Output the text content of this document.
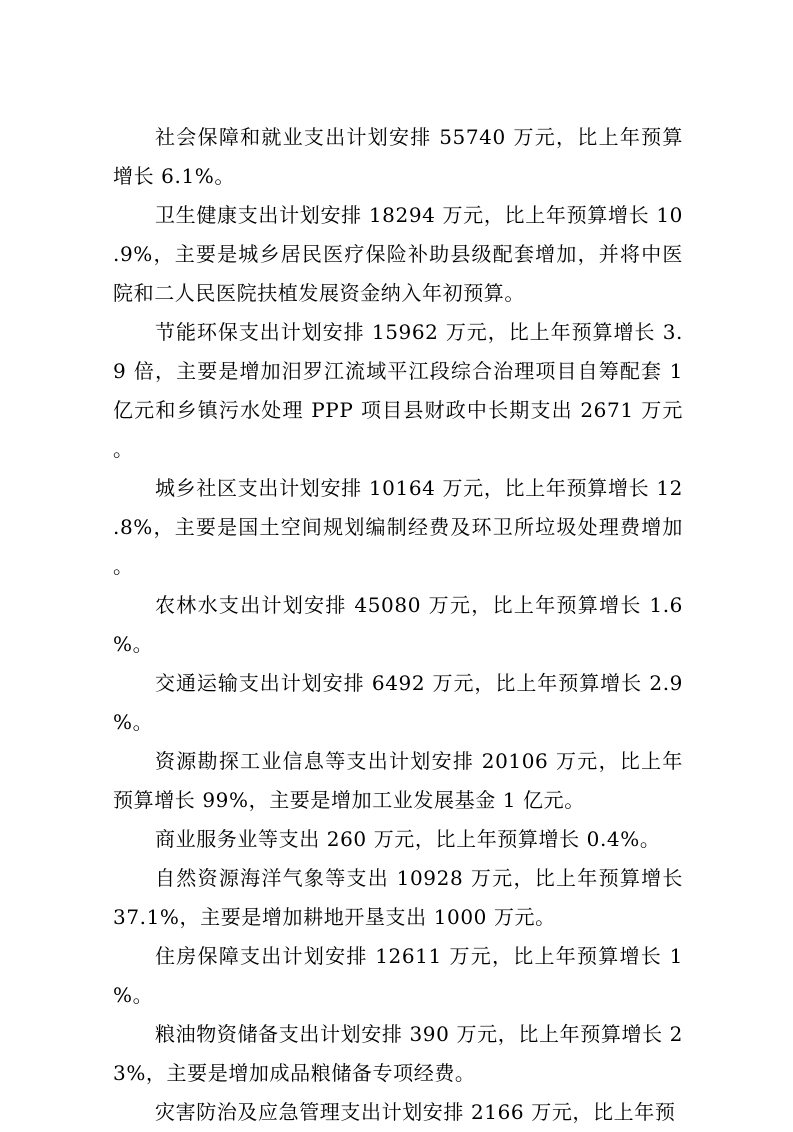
社会保障和就业支出计划安排 55740 万元，比上年预算增长 6.1%。

卫生健康支出计划安排 18294 万元，比上年预算增长 10.9%，主要是城乡居民医疗保险补助县级配套增加，并将中医院和二人民医院扶植发展资金纳入年初预算。

节能环保支出计划安排 15962 万元，比上年预算增长 3.9 倍，主要是增加汨罗江流域平江段综合治理项目自筹配套 1 亿元和乡镇污水处理 PPP 项目县财政中长期支出 2671 万元。

城乡社区支出计划安排 10164 万元，比上年预算增长 12.8%，主要是国土空间规划编制经费及环卫所垃圾处理费增加。

农林水支出计划安排 45080 万元，比上年预算增长 1.6%。

交通运输支出计划安排 6492 万元，比上年预算增长 2.9%。

资源勘探工业信息等支出计划安排 20106 万元，比上年预算增长 99%，主要是增加工业发展基金 1 亿元。

商业服务业等支出 260 万元，比上年预算增长 0.4%。

自然资源海洋气象等支出 10928 万元，比上年预算增长 37.1%，主要是增加耕地开垦支出 1000 万元。

住房保障支出计划安排 12611 万元，比上年预算增长 1%。

粮油物资储备支出计划安排 390 万元，比上年预算增长 23%，主要是增加成品粮储备专项经费。

灾害防治及应急管理支出计划安排 2166 万元，比上年预
